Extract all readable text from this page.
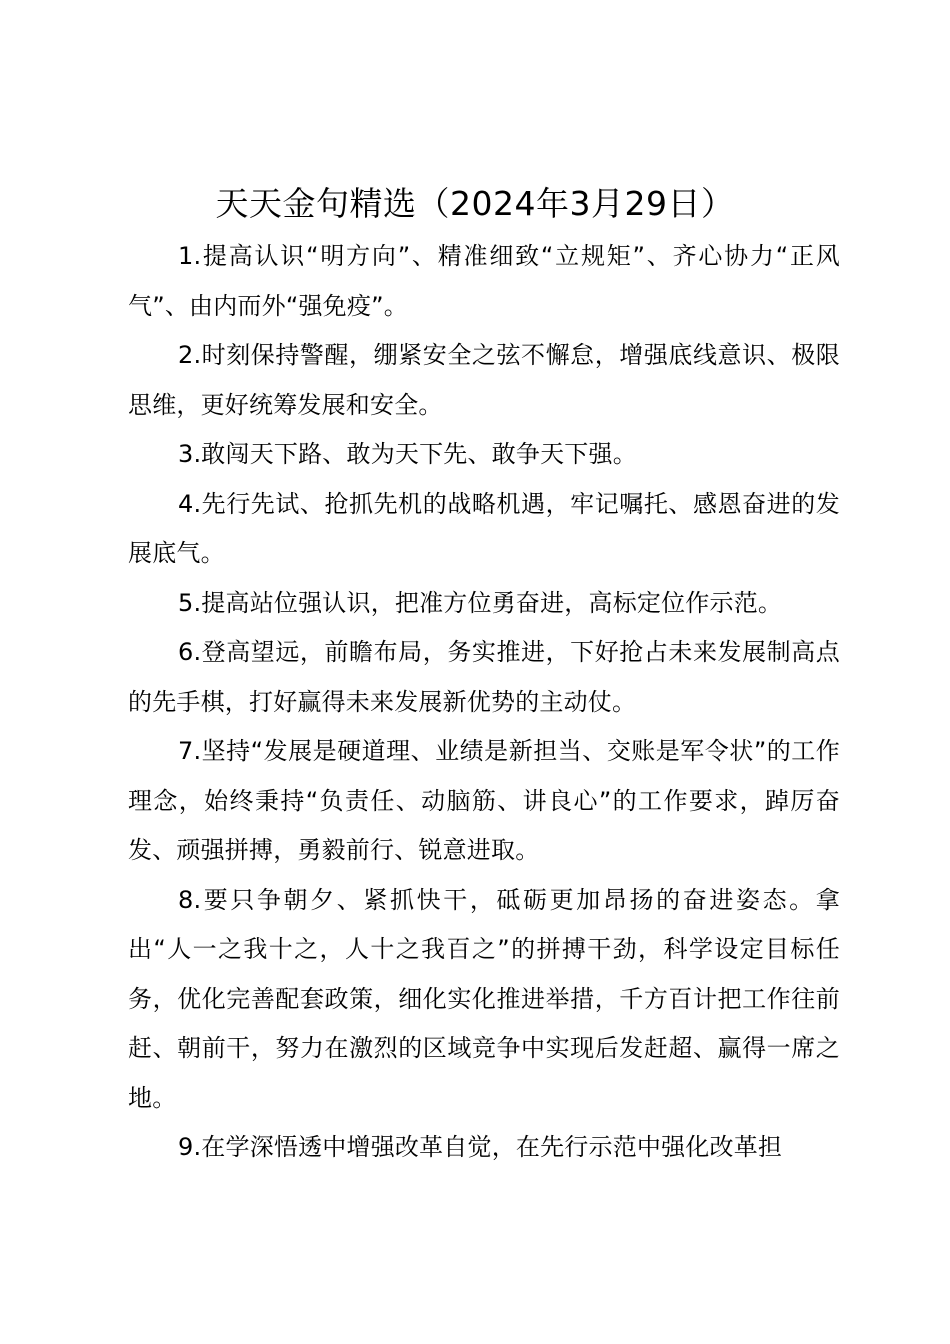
天天金句精选（2024年3月29日）

1.提高认识“明方向”、精准细致“立规矩”、齐心协力“正风气”、由内而外“强免疫”。

2.时刻保持警醒，绷紧安全之弦不懈怠，增强底线意识、极限思维，更好统筹发展和安全。

3.敢闯天下路、敢为天下先、敢争天下强。

4.先行先试、抢抓先机的战略机遇，牢记嘱托、感恩奋进的发展底气。

5.提高站位强认识，把准方位勇奋进，高标定位作示范。

6.登高望远，前瞻布局，务实推进，下好抢占未来发展制高点的先手棋，打好赢得未来发展新优势的主动仗。

7.坚持“发展是硬道理、业绩是新担当、交账是军令状”的工作理念，始终秉持“负责任、动脑筋、讲良心”的工作要求，踔厉奋发、顽强拼搏，勇毅前行、锐意进取。

8.要只争朝夕、紧抓快干，砥砺更加昂扬的奋进姿态。拿出“人一之我十之，人十之我百之”的拼搏干劲，科学设定目标任务，优化完善配套政策，细化实化推进举措，千方百计把工作往前赶、朝前干，努力在激烈的区域竞争中实现后发赶超、赢得一席之地。

9.在学深悟透中增强改革自觉，在先行示范中强化改革担
